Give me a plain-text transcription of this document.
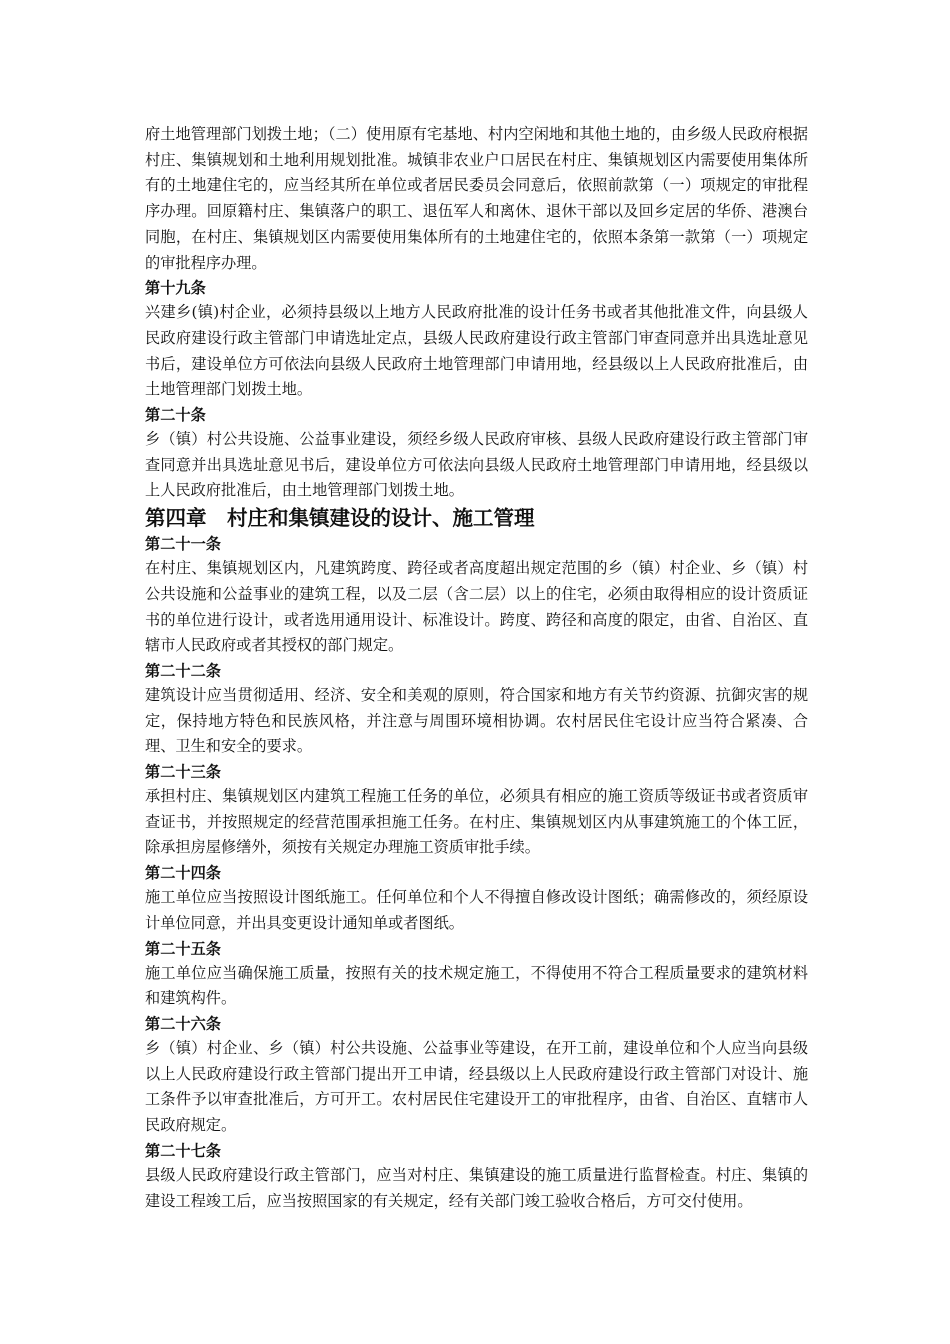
府土地管理部门划拨土地；（二）使用原有宅基地、村内空闲地和其他土地的，由乡级人民政府根据村庄、集镇规划和土地利用规划批准。城镇非农业户口居民在村庄、集镇规划区内需要使用集体所有的土地建住宅的，应当经其所在单位或者居民委员会同意后，依照前款第（一）项规定的审批程序办理。回原籍村庄、集镇落户的职工、退伍军人和离休、退休干部以及回乡定居的华侨、港澳台同胞，在村庄、集镇规划区内需要使用集体所有的土地建住宅的，依照本条第一款第（一）项规定的审批程序办理。

第十九条

兴建乡(镇)村企业，必须持县级以上地方人民政府批准的设计任务书或者其他批准文件，向县级人民政府建设行政主管部门申请选址定点，县级人民政府建设行政主管部门审查同意并出具选址意见书后，建设单位方可依法向县级人民政府土地管理部门申请用地，经县级以上人民政府批准后，由土地管理部门划拨土地。

第二十条

乡（镇）村公共设施、公益事业建设，须经乡级人民政府审核、县级人民政府建设行政主管部门审查同意并出具选址意见书后，建设单位方可依法向县级人民政府土地管理部门申请用地，经县级以上人民政府批准后，由土地管理部门划拨土地。

第四章　村庄和集镇建设的设计、施工管理
第二十一条

在村庄、集镇规划区内，凡建筑跨度、跨径或者高度超出规定范围的乡（镇）村企业、乡（镇）村公共设施和公益事业的建筑工程，以及二层（含二层）以上的住宅，必须由取得相应的设计资质证书的单位进行设计，或者选用通用设计、标准设计。跨度、跨径和高度的限定，由省、自治区、直辖市人民政府或者其授权的部门规定。

第二十二条

建筑设计应当贯彻适用、经济、安全和美观的原则，符合国家和地方有关节约资源、抗御灾害的规定，保持地方特色和民族风格，并注意与周围环境相协调。农村居民住宅设计应当符合紧凑、合理、卫生和安全的要求。

第二十三条

承担村庄、集镇规划区内建筑工程施工任务的单位，必须具有相应的施工资质等级证书或者资质审查证书，并按照规定的经营范围承担施工任务。在村庄、集镇规划区内从事建筑施工的个体工匠，除承担房屋修缮外，须按有关规定办理施工资质审批手续。

第二十四条

施工单位应当按照设计图纸施工。任何单位和个人不得擅自修改设计图纸；确需修改的，须经原设计单位同意，并出具变更设计通知单或者图纸。

第二十五条

施工单位应当确保施工质量，按照有关的技术规定施工，不得使用不符合工程质量要求的建筑材料和建筑构件。

第二十六条

乡（镇）村企业、乡（镇）村公共设施、公益事业等建设，在开工前，建设单位和个人应当向县级以上人民政府建设行政主管部门提出开工申请，经县级以上人民政府建设行政主管部门对设计、施工条件予以审查批准后，方可开工。农村居民住宅建设开工的审批程序，由省、自治区、直辖市人民政府规定。

第二十七条

县级人民政府建设行政主管部门，应当对村庄、集镇建设的施工质量进行监督检查。村庄、集镇的建设工程竣工后，应当按照国家的有关规定，经有关部门竣工验收合格后，方可交付使用。
